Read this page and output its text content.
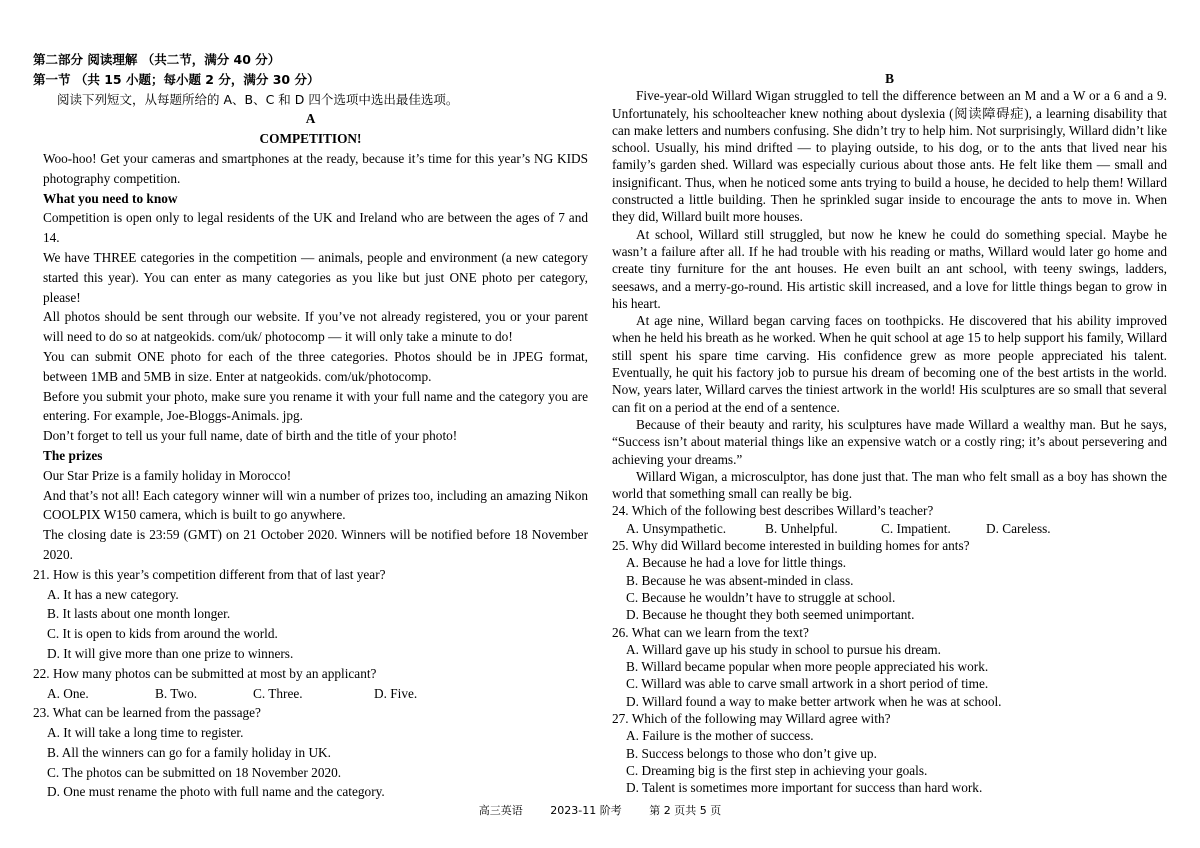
第二部分 阅读理解 （共二节，满分 40 分）

第一节 （共 15 小题；每小题 2 分，满分 30 分）

阅读下列短文，从每题所给的 A、B、C 和 D 四个选项中选出最佳选项。

A

COMPETITION!

Woo-hoo! Get your cameras and smartphones at the ready, because it’s time for this year’s NG KIDS photography competition.

What you need to know

Competition is open only to legal residents of the UK and Ireland who are between the ages of 7 and 14.

We have THREE categories in the competition — animals, people and environment (a new category started this year). You can enter as many categories as you like but just ONE photo per category, please!

All photos should be sent through our website. If you’ve not already registered, you or your parent will need to do so at natgeokids. com/uk/ photocomp — it will only take a minute to do!

You can submit ONE photo for each of the three categories. Photos should be in JPEG format, between 1MB and 5MB in size. Enter at natgeokids. com/uk/photocomp.

Before you submit your photo, make sure you rename it with your full name and the category you are entering. For example, Joe-Bloggs-Animals. jpg.

Don’t forget to tell us your full name, date of birth and the title of your photo!

The prizes

Our Star Prize is a family holiday in Morocco!

And that’s not all! Each category winner will win a number of prizes too, including an amazing Nikon COOLPIX W150 camera, which is built to go anywhere.

The closing date is 23:59 (GMT) on 21 October 2020. Winners will be notified before 18 November 2020.

21. How is this year’s competition different from that of last year?

A. It has a new category.

B. It lasts about one month longer.

C. It is open to kids from around the world.

D. It will give more than one prize to winners.

22. How many photos can be submitted at most by an applicant?

A. One.	B. Two.	C. Three.	D. Five.

23. What can be learned from the passage?

A. It will take a long time to register.

B. All the winners can go for a family holiday in UK.

C. The photos can be submitted on 18 November 2020.

D. One must rename the photo with full name and the category.

B

Five-year-old Willard Wigan struggled to tell the difference between an M and a W or a 6 and a 9. Unfortunately, his schoolteacher knew nothing about dyslexia (阅读障碍症), a learning disability that can make letters and numbers confusing. She didn’t try to help him. Not surprisingly, Willard didn’t like school. Usually, his mind drifted — to playing outside, to his dog, or to the ants that lived near his family’s garden shed. Willard was especially curious about those ants. He felt like them — small and insignificant. Thus, when he noticed some ants trying to build a house, he decided to help them! Willard constructed a little building. Then he sprinkled sugar inside to encourage the ants to move in. When they did, Willard built more houses.

At school, Willard still struggled, but now he knew he could do something special. Maybe he wasn’t a failure after all. If he had trouble with his reading or maths, Willard would later go home and create tiny furniture for the ant houses. He even built an ant school, with teeny swings, ladders, seesaws, and a merry-go-round. His artistic skill increased, and a love for little things began to grow in his heart.

At age nine, Willard began carving faces on toothpicks. He discovered that his ability improved when he held his breath as he worked. When he quit school at age 15 to help support his family, Willard still spent his spare time carving. His confidence grew as more people appreciated his talent. Eventually, he quit his factory job to pursue his dream of becoming one of the best artists in the world. Now, years later, Willard carves the tiniest artwork in the world! His sculptures are so small that several can fit on a period at the end of a sentence.

Because of their beauty and rarity, his sculptures have made Willard a wealthy man. But he says, “Success isn’t about material things like an expensive watch or a costly ring; it’s about persevering and achieving your dreams.”

Willard Wigan, a microsculptor, has done just that. The man who felt small as a boy has shown the world that something small can really be big.

24. Which of the following best describes Willard’s teacher?

A. Unsympathetic.	B. Unhelpful.	C. Impatient.	D. Careless.

25. Why did Willard become interested in building homes for ants?

A. Because he had a love for little things.

B. Because he was absent-minded in class.

C. Because he wouldn’t have to struggle at school.

D. Because he thought they both seemed unimportant.

26. What can we learn from the text?

A. Willard gave up his study in school to pursue his dream.

B. Willard became popular when more people appreciated his work.

C. Willard was able to carve small artwork in a short period of time.

D. Willard found a way to make better artwork when he was at school.

27. Which of the following may Willard agree with?

A. Failure is the mother of success.

B. Success belongs to those who don’t give up.

C. Dreaming big is the first step in achieving your goals.

D. Talent is sometimes more important for success than hard work.

高三英语	2023-11 阶考	第 2 页共 5 页
